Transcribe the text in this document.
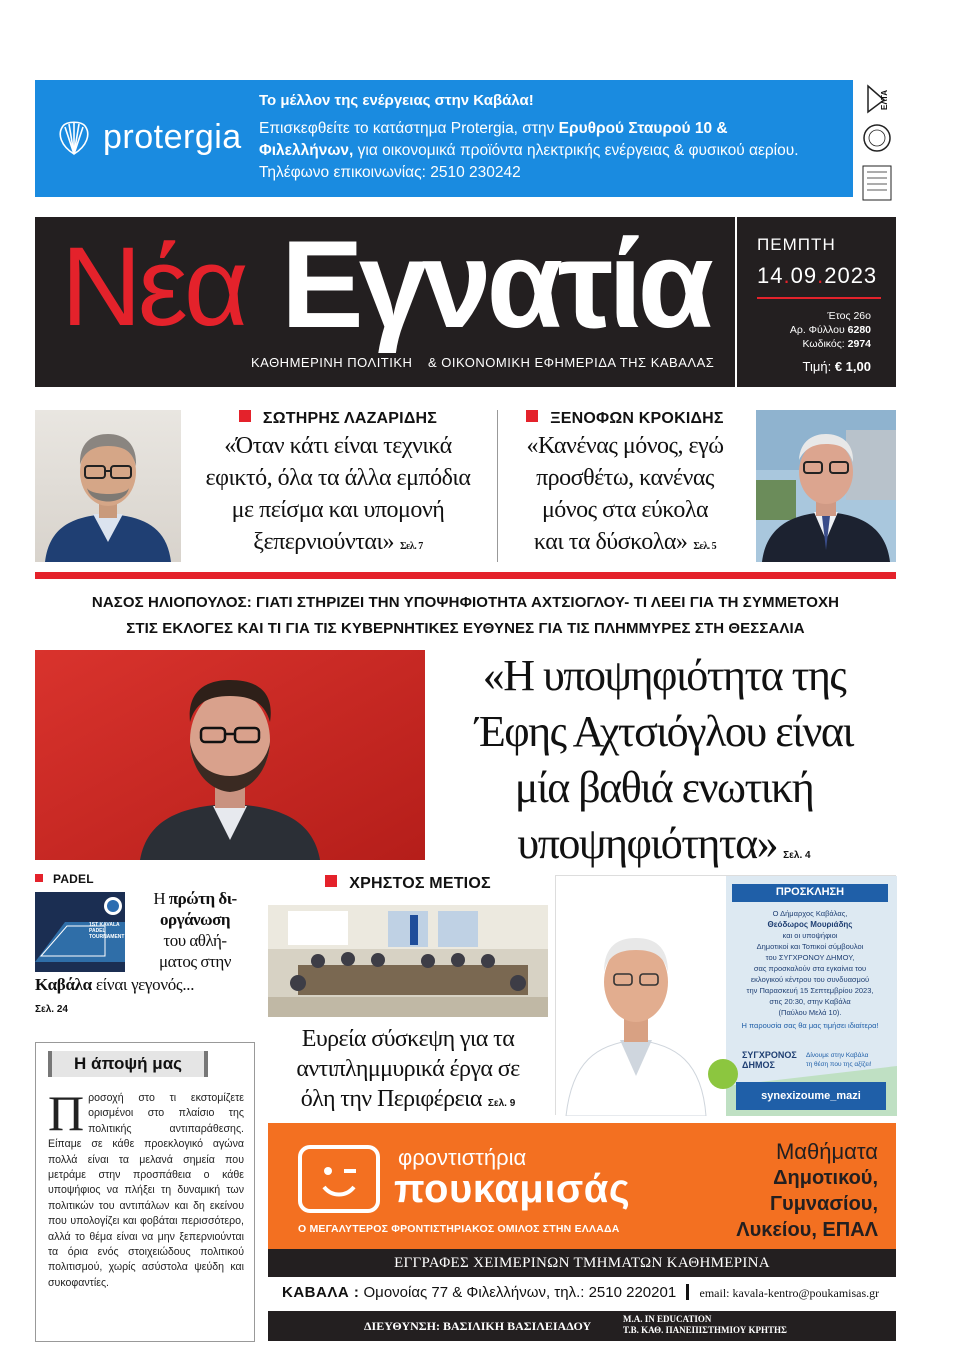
protergia
Το μέλλον της ενέργειας στην Καβάλα!
Επισκεφθείτε το κατάστημα Protergia, στην Ερυθρού Σταυρού 10 &
Φιλελλήνων, για οικονομικά προϊόντα ηλεκτρικής ενέργειας & φυσικού αερίου.
Τηλέφωνο επικοινωνίας: 2510 230242
ΕΛΤΑ
Νέα Εγνατία
ΚΑΘΗΜΕΡΙΝΗ ΠΟΛΙΤΙΚΗ & ΟΙΚΟΝΟΜΙΚΗ ΕΦΗΜΕΡΙΔΑ ΤΗΣ ΚΑΒΑΛΑΣ
ΠΕΜΠΤΗ
14.09.2023
Έτος 26ο
Αρ. Φύλλου 6280
Κωδικός: 2974
Τιμή: € 1,00
ΣΩΤΗΡΗΣ ΛΑΖΑΡΙΔΗΣ
«Όταν κάτι είναι τεχνικά
εφικτό, όλα τα άλλα εμπόδια
με πείσμα και υπομονή
ξεπερνιούνται» Σελ. 7
ΞΕΝΟΦΩΝ ΚΡΟΚΙΔΗΣ
«Κανένας μόνος, εγώ
προσθέτω, κανένας
μόνος στα εύκολα
και τα δύσκολα» Σελ. 5
ΝΑΣΟΣ ΗΛΙΟΠΟΥΛΟΣ: ΓΙΑΤΙ ΣΤΗΡΙΖΕΙ ΤΗΝ ΥΠΟΨΗΦΙΟΤΗΤΑ ΑΧΤΣΙΟΓΛΟΥ- ΤΙ ΛΕΕΙ ΓΙΑ ΤΗ ΣΥΜΜΕΤΟΧΗ
ΣΤΙΣ ΕΚΛΟΓΕΣ ΚΑΙ ΤΙ ΓΙΑ ΤΙΣ ΚΥΒΕΡΝΗΤΙΚΕΣ ΕΥΘΥΝΕΣ ΓΙΑ ΤΙΣ ΠΛΗΜΜΥΡΕΣ ΣΤΗ ΘΕΣΣΑΛΙΑ
«Η υποψηφιότητα της
Έφης Αχτσιόγλου είναι
μία βαθιά ενωτική
υποψηφιότητα» Σελ. 4
PADEL
1ST KAVALA PADEL TOURNAMENT
Η πρώτη δι-
οργάνωση
του αθλή-
ματος στην
Καβάλα είναι γεγονός...
Σελ. 24
Η άποψή μας
Προσοχή στο τι εκστομίζετε ορισμένοι στο πλαίσιο της πολιτικής αντιπαράθεσης. Είπαμε σε κάθε προεκλογικό αγώνα πολλά είναι τα μελανά σημεία που μετράμε στην προσπάθεια ο κάθε υποψήφιος να πλήξει τη δυναμική των πολιτικών του αντιπάλων και δη εκείνου που υπολογίζει και φοβάται περισσότερο, αλλά το θέμα είναι να μην ξεπερνιούνται τα όρια ενός στοιχειώδους πολιτικού πολιτισμού, χωρίς ασύστολα ψεύδη και συκοφαντίες.
ΧΡΗΣΤΟΣ ΜΕΤΙΟΣ
Ευρεία σύσκεψη για τα
αντιπλημμυρικά έργα σε
όλη την Περιφέρεια Σελ. 9
ΠΡΟΣΚΛΗΣΗ
Ο Δήμαρχος Καβάλας,
Θεόδωρος Μουριάδης
και οι υποψήφιοι
Δημοτικοί και Τοπικοί σύμβουλοι
του ΣΥΓΧΡΟΝΟΥ ΔΗΜΟΥ,
σας προσκαλούν στα εγκαίνια του
εκλογικού κέντρου του συνδυασμού
την Παρασκευή 15 Σεπτεμβρίου 2023,
στις 20:30, στην Καβάλα
(Παύλου Μελά 10).
Η παρουσία σας θα μας τιμήσει ιδιαίτερα!
ΣΥΓΧΡΟΝΟΣ
ΔΗΜΟΣ
Δίνουμε στην Καβάλα
τη θέση που της αξίζει!
synexizoume_mazi
φροντιστήρια
πουκαμισάς
Ο ΜΕΓΑΛΥΤΕΡΟΣ ΦΡΟΝΤΙΣΤΗΡΙΑΚΟΣ ΟΜΙΛΟΣ ΣΤΗΝ ΕΛΛΑΔΑ
Μαθήματα
Δημοτικού,
Γυμνασίου,
Λυκείου, ΕΠΑΛ
ΕΓΓΡΑΦΕΣ ΧΕΙΜΕΡΙΝΩΝ ΤΜΗΜΑΤΩΝ ΚΑΘΗΜΕΡΙΝΑ
ΚΑΒΑΛΑ : Ομονοίας 77 & Φιλελλήνων, τηλ.: 2510 220201 email: kavala-kentro@poukamisas.gr
ΔΙΕΥΘΥΝΣΗ: ΒΑΣΙΛΙΚΗ ΒΑΣΙΛΕΙΑΔΟΥ	Μ.Α. IN EDUCATION
Τ.Β. ΚΑΘ. ΠΑΝΕΠΙΣΤΗΜΙΟΥ ΚΡΗΤΗΣ
